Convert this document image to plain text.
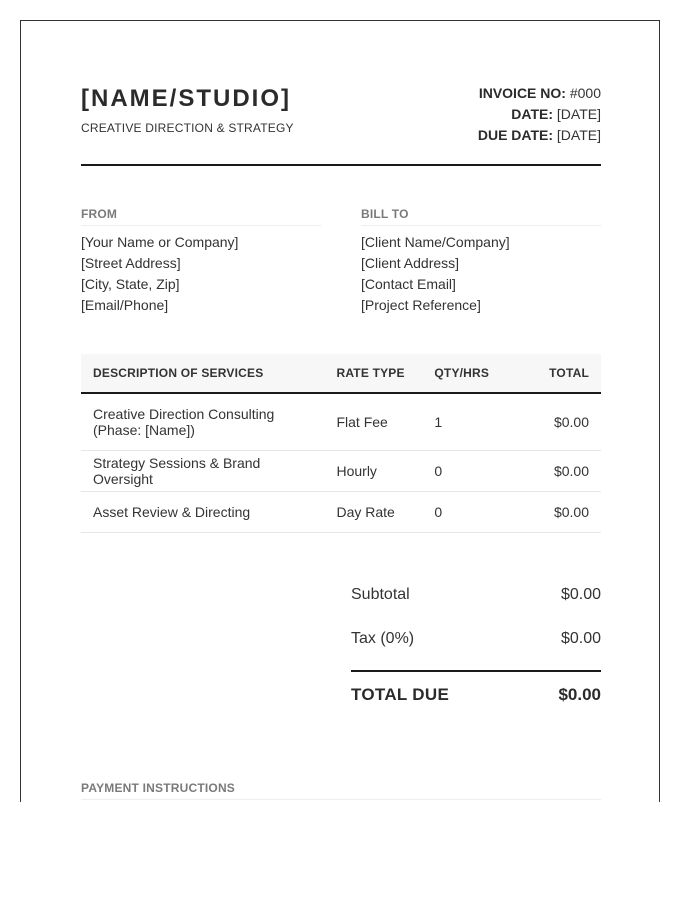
[NAME/STUDIO]
CREATIVE DIRECTION & STRATEGY
INVOICE NO: #000
DATE: [DATE]
DUE DATE: [DATE]
FROM
[Your Name or Company]
[Street Address]
[City, State, Zip]
[Email/Phone]
BILL TO
[Client Name/Company]
[Client Address]
[Contact Email]
[Project Reference]
DESCRIPTION OF SERVICES	RATE TYPE	QTY/HRS	TOTAL
Creative Direction Consulting (Phase: [Name])	Flat Fee	1	$0.00
Strategy Sessions & Brand Oversight	Hourly	0	$0.00
Asset Review & Directing	Day Rate	0	$0.00
Subtotal	$0.00
Tax (0%)	$0.00
TOTAL DUE	$0.00
PAYMENT INSTRUCTIONS
